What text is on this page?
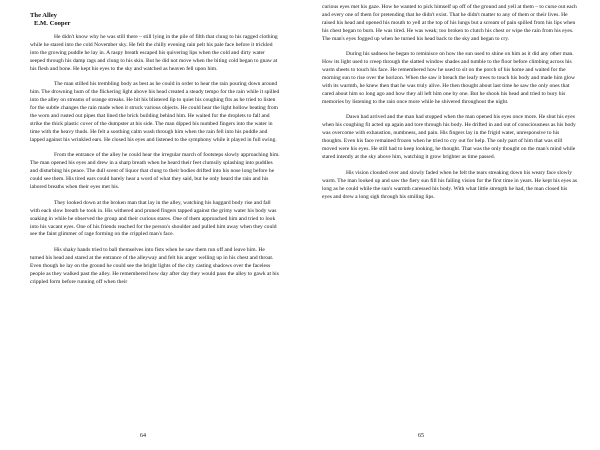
The Alley
E.M. Cooper

He didn't know why he was still there – still lying in the pile of filth that clung to his ragged clothing while he stared into the cold November sky. He felt the chilly evening rain pelt his pale face before it trickled into the growing puddle he lay in. A raspy breath escaped his quivering lips when the cold and dirty water seeped through his damp rags and clung to his skin. But he did not move when the biting cold began to gnaw at his flesh and bone. He kept his eyes to the sky and watched as heaven fell upon him.

The man stilled his trembling body as best as he could in order to hear the rain pouring down around him. The drowning hum of the flickering light above his head created a steady tempo for the rain while it spilled into the alley on streams of orange streaks. He bit his blistered lip to quiet his coughing fits as he tried to listen for the subtle changes the rain made when it struck various objects. He could hear the light hollow beating from the worn and rusted out pipes that lined the brick building behind him. He waited for the droplets to fall and strike the thick plastic cover of the dumpster at his side. The man dipped his numbed fingers into the water in time with the heavy thuds. He felt a soothing calm wash through him when the rain fell into his puddle and lapped against his wrinkled ears. He closed his eyes and listened to the symphony while it played in full swing.

From the entrance of the alley he could hear the irregular march of footsteps slowly approaching him. The man opened his eyes and drew in a sharp breath when he heard their feet clumsily splashing into puddles and disturbing his peace. The dull scent of liquor that clung to their bodies drifted into his nose long before he could see them. His tired ears could barely hear a word of what they said, but he only heard the rain and his labored breaths when their eyes met his.

They looked down at the broken man that lay in the alley, watching his haggard body rise and fall with each slow breath he took in. His withered and pruned fingers tapped against the grimy water his body was soaking in while he observed the group and their curious stares. One of them approached him and tried to look into his vacant eyes. One of his friends reached for the person's shoulder and pulled him away when they could see the faint glimmer of rage forming on the crippled man's face.

His shaky hands tried to ball themselves into fists when he saw them run off and leave him. He turned his head and stared at the entrance of the alleyway and felt his anger welling up in his chest and throat. Even though he lay on the ground he could see the bright lights of the city casting shadows over the faceless people as they walked past the alley. He remembered how day after day they would pass the alley to gawk at his crippled form before running off when their

64

curious eyes met his gaze. How he wanted to pick himself up off of the ground and yell at them – to curse out each and every one of them for pretending that he didn't exist. That he didn't matter to any of them or their lives. He raised his head and opened his mouth to yell at the top of his lungs but a scream of pain spilled from his lips when his chest began to burn. He was tired. He was weak; too broken to clutch his chest or wipe the rain from his eyes. The man's eyes fogged up when he turned his head back to the sky and began to cry.

During his sadness he began to reminisce on how the sun used to shine on him as it did any other man. How its light used to creep through the slatted window shades and tumble to the floor before climbing across his warm sheets to touch his face. He remembered how he used to sit on the porch of his home and waited for the morning sun to rise over the horizon. When the saw it breach the leafy trees to touch his body and made him glow with its warmth, he knew then that he was truly alive. He then thought about last time he saw the only ones that cared about him so long ago and how they all left him one by one. But he shook his head and tried to bury his memories by listening to the rain once more while he shivered throughout the night.

Dawn had arrived and the man had stopped when the man opened his eyes once more. He shut his eyes when his coughing fit acted up again and tore through his body. He drifted in and out of consciousness as his body was overcome with exhaustion, numbness, and pain. His fingers lay in the frigid water, unresponsive to his thoughts. Even his face remained frozen when he tried to cry out for help. The only part of him that was still moved were his eyes. He still had to keep looking, he thought. That was the only thought on the man's mind while stared intently at the sky above him, watching it grow brighter as time passed.

His vision clouded over and slowly faded when he felt the tears streaking down his weary face slowly warm. The man looked up and saw the fiery sun fill his failing vision for the first time in years. He kept his eyes as long as he could while the sun's warmth caressed his body. With what little strength he had, the man closed his eyes and drew a long sigh through his smiling lips.

65
